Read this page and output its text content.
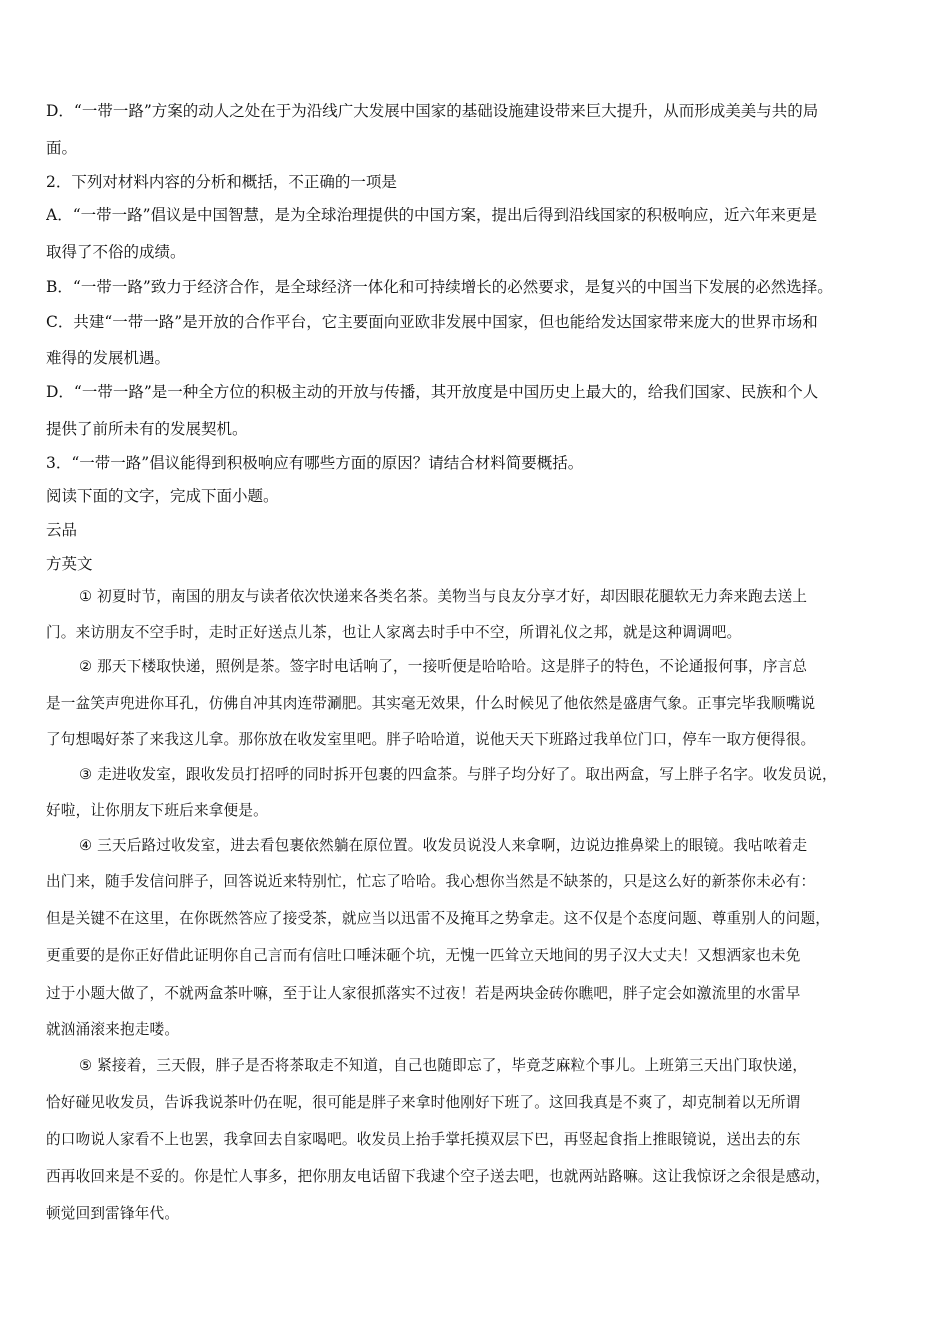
D．“一带一路”方案的动人之处在于为沿线广大发展中国家的基础设施建设带来巨大提升，从而形成美美与共的局
面。
2．下列对材料内容的分析和概括，不正确的一项是
A．“一带一路”倡议是中国智慧，是为全球治理提供的中国方案，提出后得到沿线国家的积极响应，近六年来更是
取得了不俗的成绩。
B．“一带一路”致力于经济合作，是全球经济一体化和可持续增长的必然要求，是复兴的中国当下发展的必然选择。
C．共建“一带一路”是开放的合作平台，它主要面向亚欧非发展中国家，但也能给发达国家带来庞大的世界市场和
难得的发展机遇。
D．“一带一路”是一种全方位的积极主动的开放与传播，其开放度是中国历史上最大的，给我们国家、民族和个人
提供了前所未有的发展契机。
3．“一带一路”倡议能得到积极响应有哪些方面的原因？请结合材料简要概括。
阅读下面的文字，完成下面小题。
云品
方英文
① 初夏时节，南国的朋友与读者依次快递来各类名茶。美物当与良友分享才好，却因眼花腿软无力奔来跑去送上
门。来访朋友不空手时，走时正好送点儿茶，也让人家离去时手中不空，所谓礼仪之邦，就是这种调调吧。
② 那天下楼取快递，照例是茶。签字时电话响了，一接听便是哈哈哈。这是胖子的特色，不论通报何事，序言总
是一盆笑声兜进你耳孔，仿佛自冲其肉连带涮肥。其实毫无效果，什么时候见了他依然是盛唐气象。正事完毕我顺嘴说
了句想喝好茶了来我这儿拿。那你放在收发室里吧。胖子哈哈道，说他天天下班路过我单位门口，停车一取方便得很。
③ 走进收发室，跟收发员打招呼的同时拆开包裹的四盒茶。与胖子均分好了。取出两盒，写上胖子名字。收发员说，
好啦，让你朋友下班后来拿便是。
④ 三天后路过收发室，进去看包裹依然躺在原位置。收发员说没人来拿啊，边说边推鼻梁上的眼镜。我咕哝着走
出门来，随手发信问胖子，回答说近来特别忙，忙忘了哈哈。我心想你当然是不缺茶的，只是这么好的新茶你未必有：
但是关键不在这里，在你既然答应了接受茶，就应当以迅雷不及掩耳之势拿走。这不仅是个态度问题、尊重别人的问题，
更重要的是你正好借此证明你自己言而有信吐口唾沫砸个坑，无愧一匹耸立天地间的男子汉大丈夫！又想洒家也未免
过于小题大做了，不就两盒茶叶嘛，至于让人家很抓落实不过夜！若是两块金砖你瞧吧，胖子定会如激流里的水雷早
就汹涌滚来抱走喽。
⑤ 紧接着，三天假，胖子是否将茶取走不知道，自己也随即忘了，毕竟芝麻粒个事儿。上班第三天出门取快递，
恰好碰见收发员，告诉我说茶叶仍在呢，很可能是胖子来拿时他刚好下班了。这回我真是不爽了，却克制着以无所谓
的口吻说人家看不上也罢，我拿回去自家喝吧。收发员上抬手掌托摸双层下巴，再竖起食指上推眼镜说，送出去的东
西再收回来是不妥的。你是忙人事多，把你朋友电话留下我逮个空子送去吧，也就两站路嘛。这让我惊讶之余很是感动，
顿觉回到雷锋年代。
